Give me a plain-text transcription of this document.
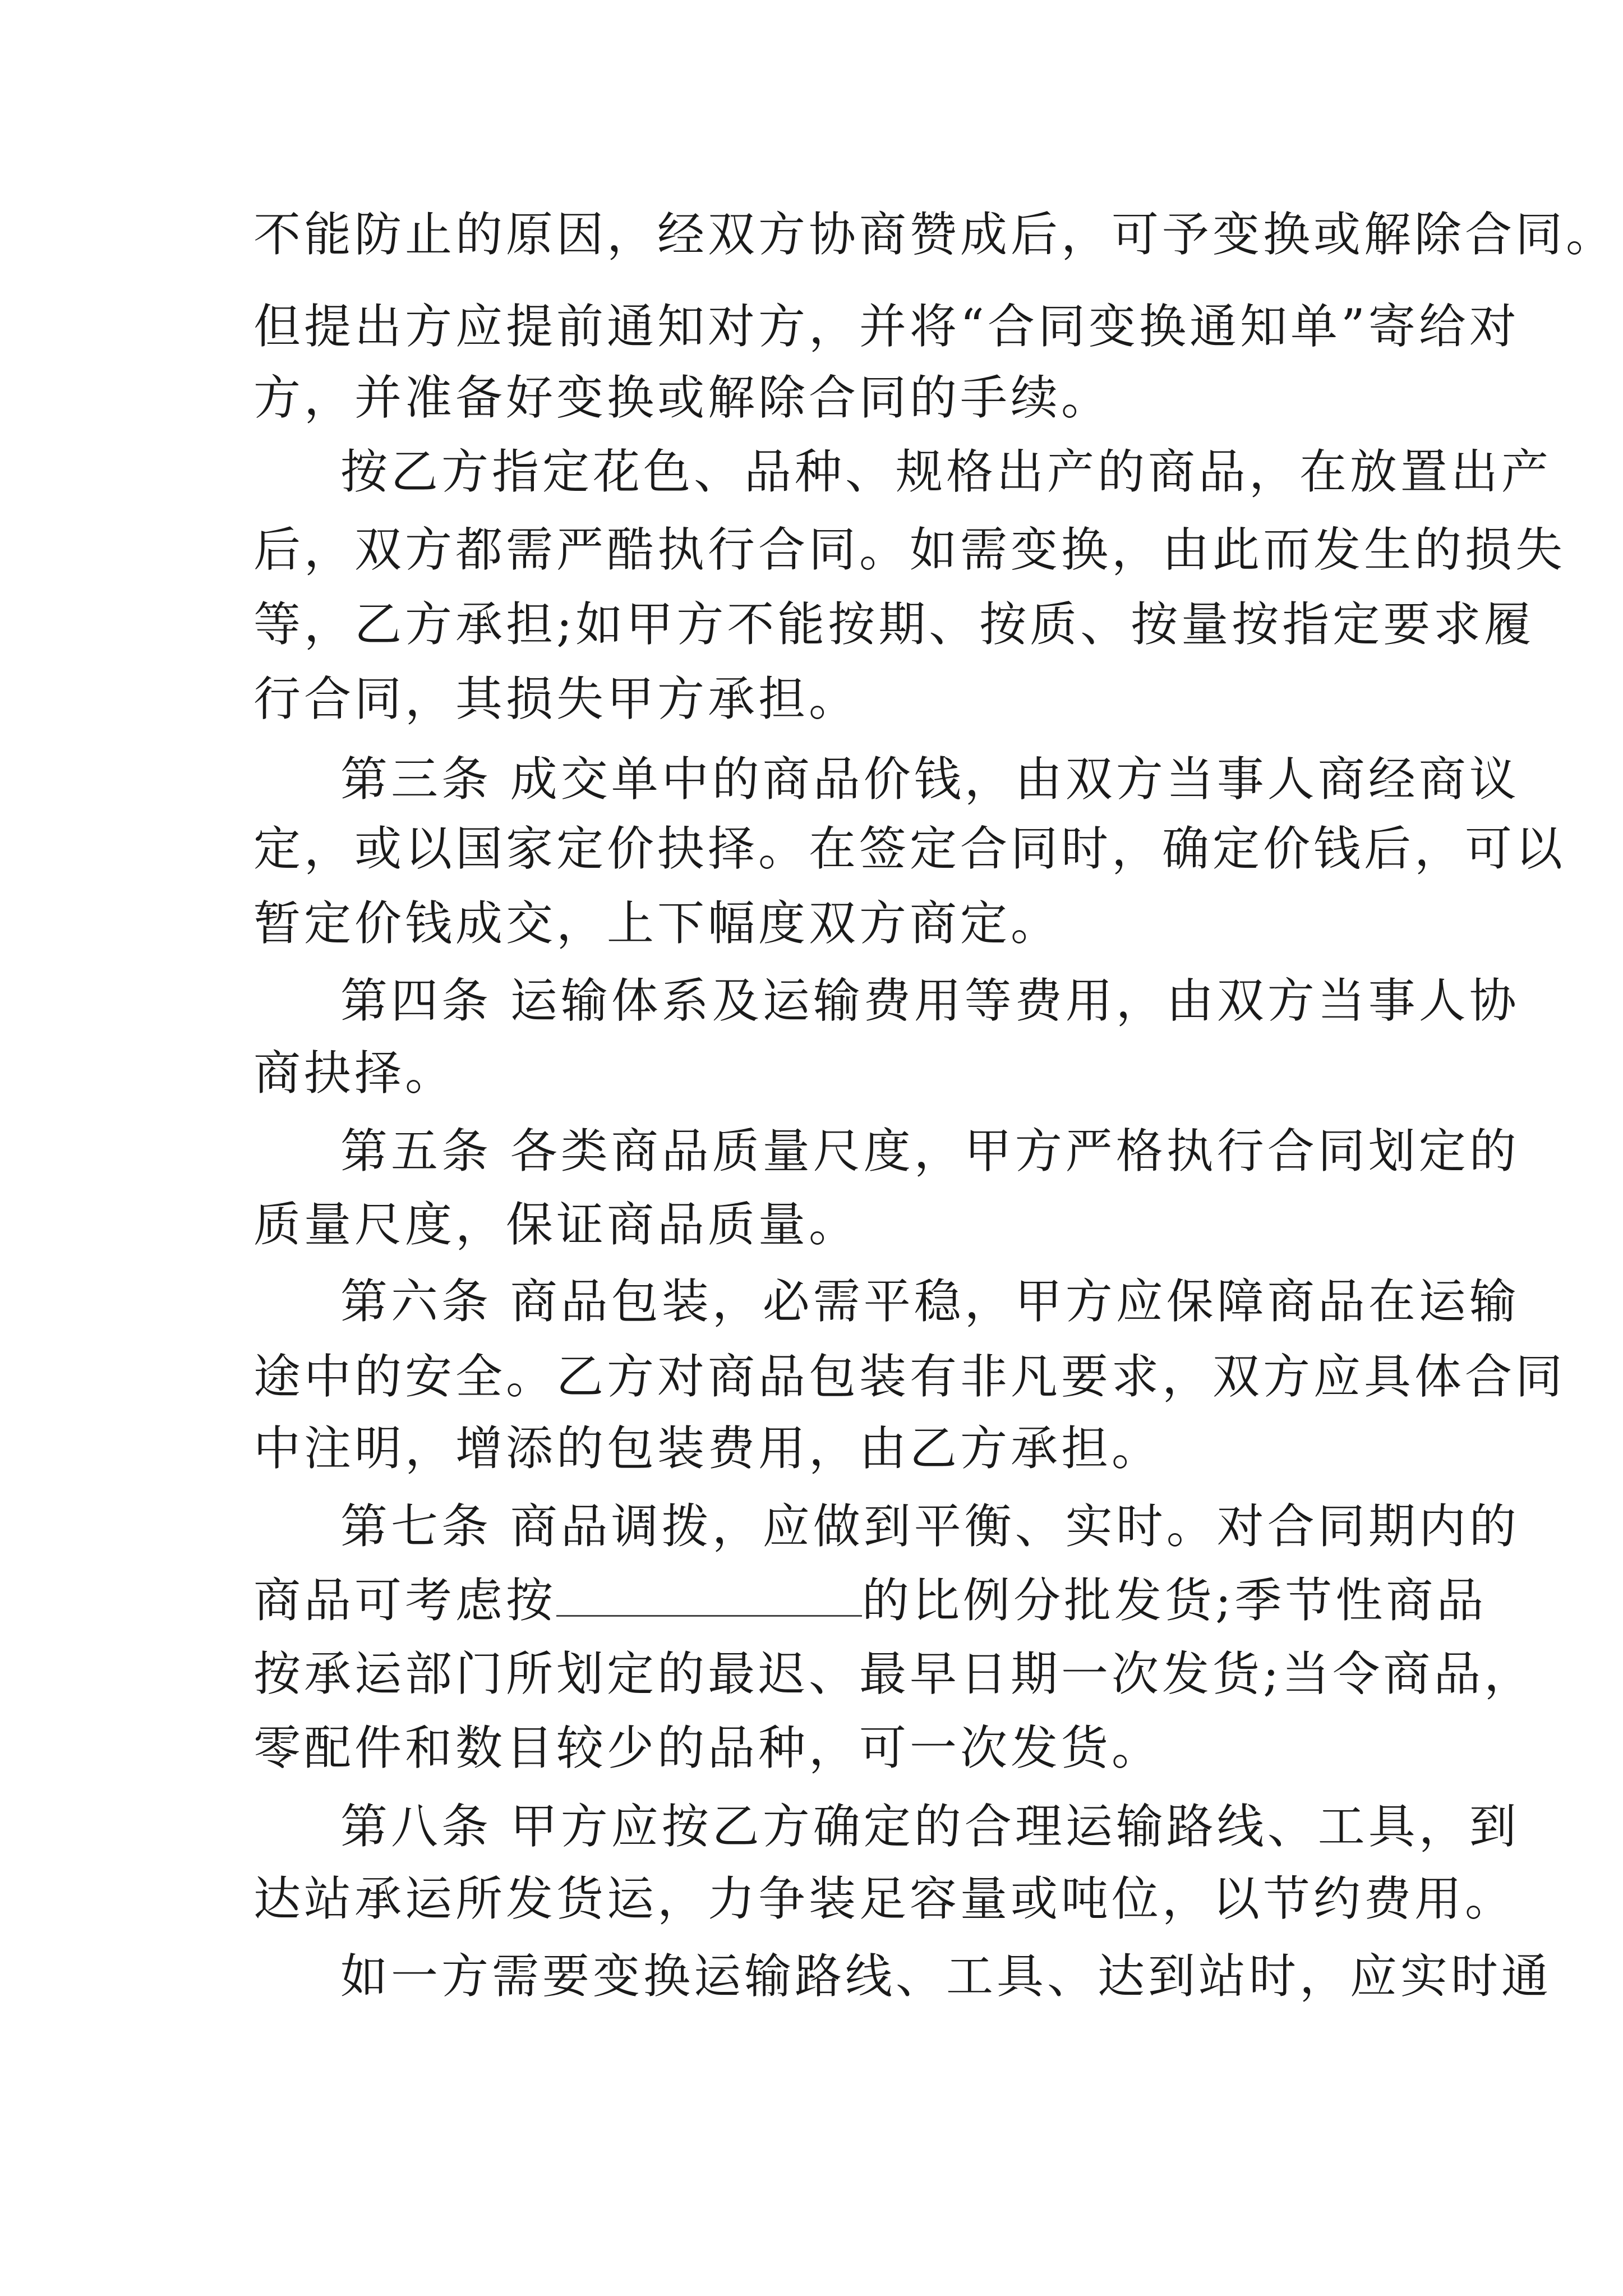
不能防止的原因，经双方协商赞成后，可予变换或解除合同。
但提出方应提前通知对方，并将“合同变换通知单”寄给对
方，并准备好变换或解除合同的手续。
按乙方指定花色、品种、规格出产的商品，在放置出产
后，双方都需严酷执行合同。如需变换，由此而发生的损失
等，乙方承担;如甲方不能按期、按质、按量按指定要求履
行合同，其损失甲方承担。
第三条 成交单中的商品价钱，由双方当事人商经商议
定，或以国家定价抉择。在签定合同时，确定价钱后，可以
暂定价钱成交，上下幅度双方商定。
第四条 运输体系及运输费用等费用，由双方当事人协
商抉择。
第五条 各类商品质量尺度，甲方严格执行合同划定的
质量尺度，保证商品质量。
第六条 商品包装，必需平稳，甲方应保障商品在运输
途中的安全。乙方对商品包装有非凡要求，双方应具体合同
中注明，增添的包装费用，由乙方承担。
第七条 商品调拨，应做到平衡、实时。对合同期内的
商品可考虑按	的比例分批发货;季节性商品
按承运部门所划定的最迟、最早日期一次发货;当令商品，
零配件和数目较少的品种，可一次发货。
第八条 甲方应按乙方确定的合理运输路线、工具，到
达站承运所发货运，力争装足容量或吨位，以节约费用。
如一方需要变换运输路线、工具、达到站时，应实时通
